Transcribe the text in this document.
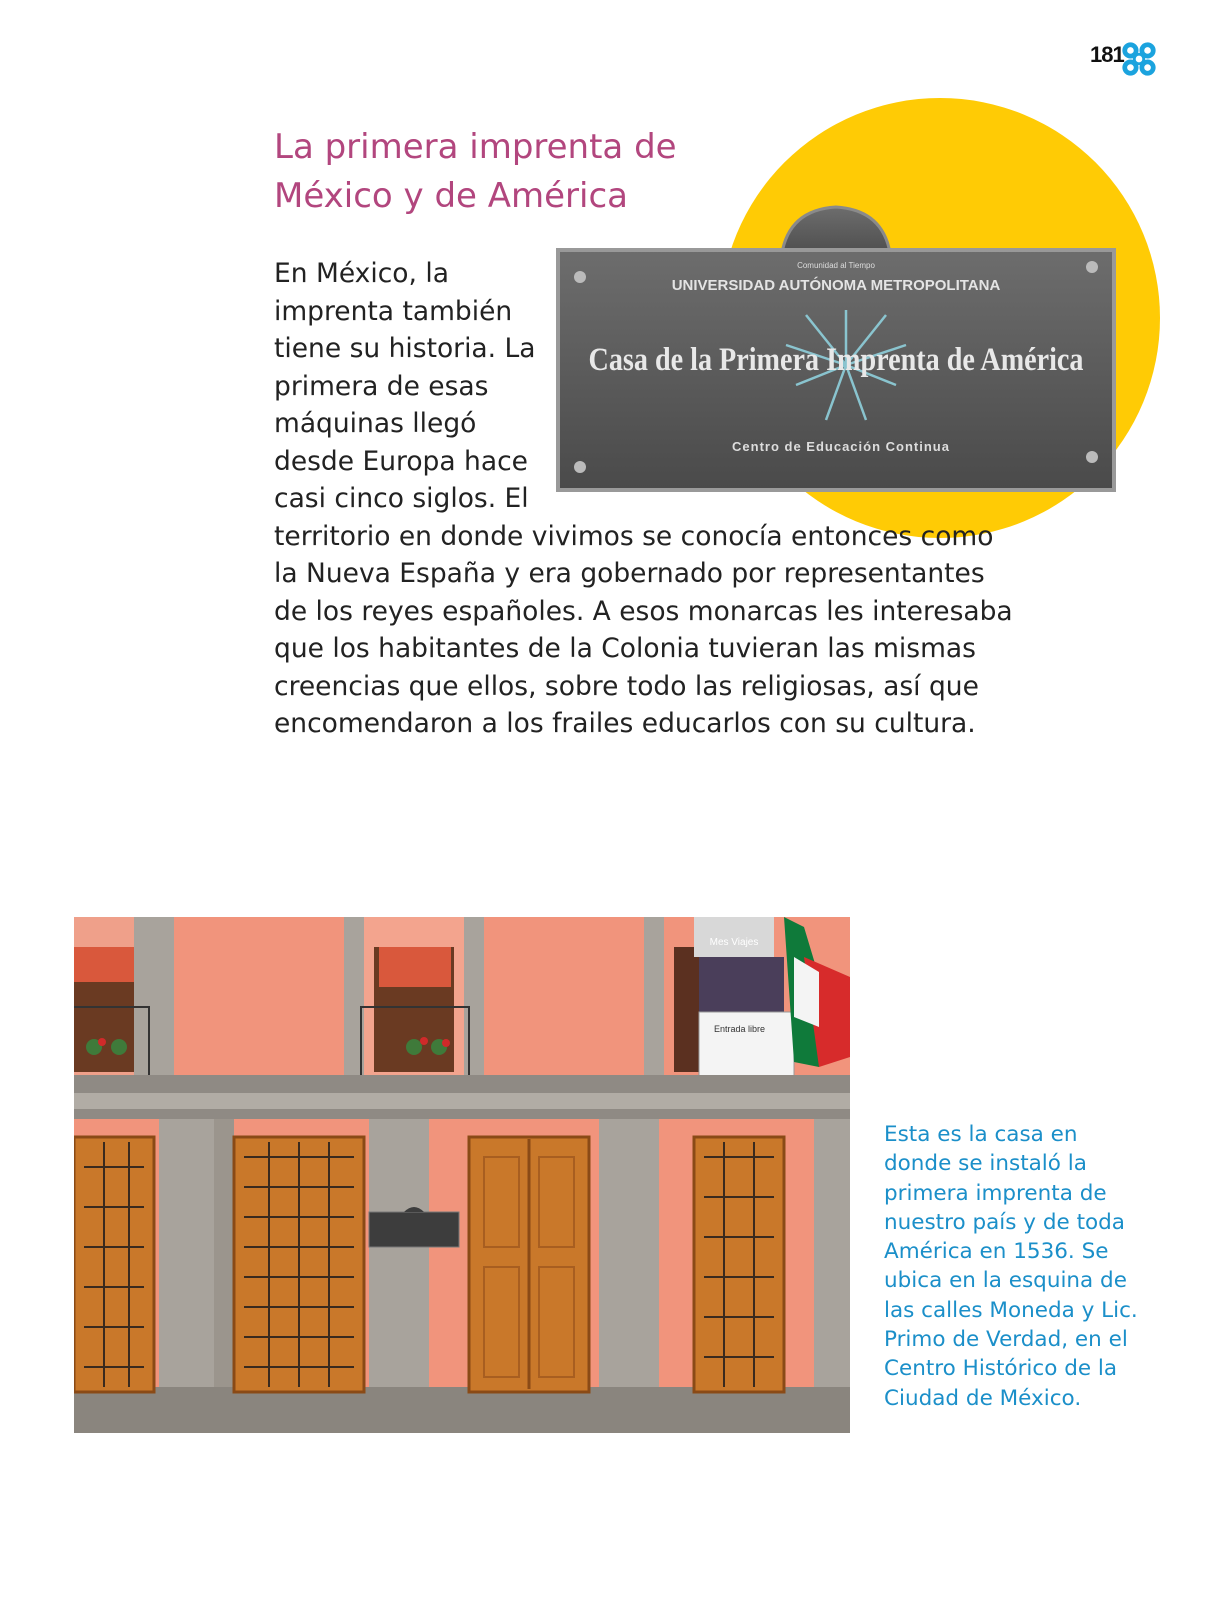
181
La primera imprenta de México y de América
Comunidad al Tiempo
UNIVERSIDAD AUTÓNOMA METROPOLITANA
Casa de la Primera Imprenta de América
Centro de Educación Continua

En México, la imprenta también tiene su historia. La primera de esas máquinas llegó desde Europa hace casi cinco siglos. El territorio en donde vivimos se conocía entonces como la Nueva España y era gobernado por representantes de los reyes españoles. A esos monarcas les interesaba que los habitantes de la Colonia tuvieran las mismas creencias que ellos, sobre todo las religiosas, así que encomendaron a los frailes educarlos con su cultura.

Mes Viajes
Entrada libre

Esta es la casa en donde se instaló la primera imprenta de nuestro país y de toda América en 1536. Se ubica en la esquina de las calles Moneda y Lic. Primo de Verdad, en el Centro Histórico de la Ciudad de México.
